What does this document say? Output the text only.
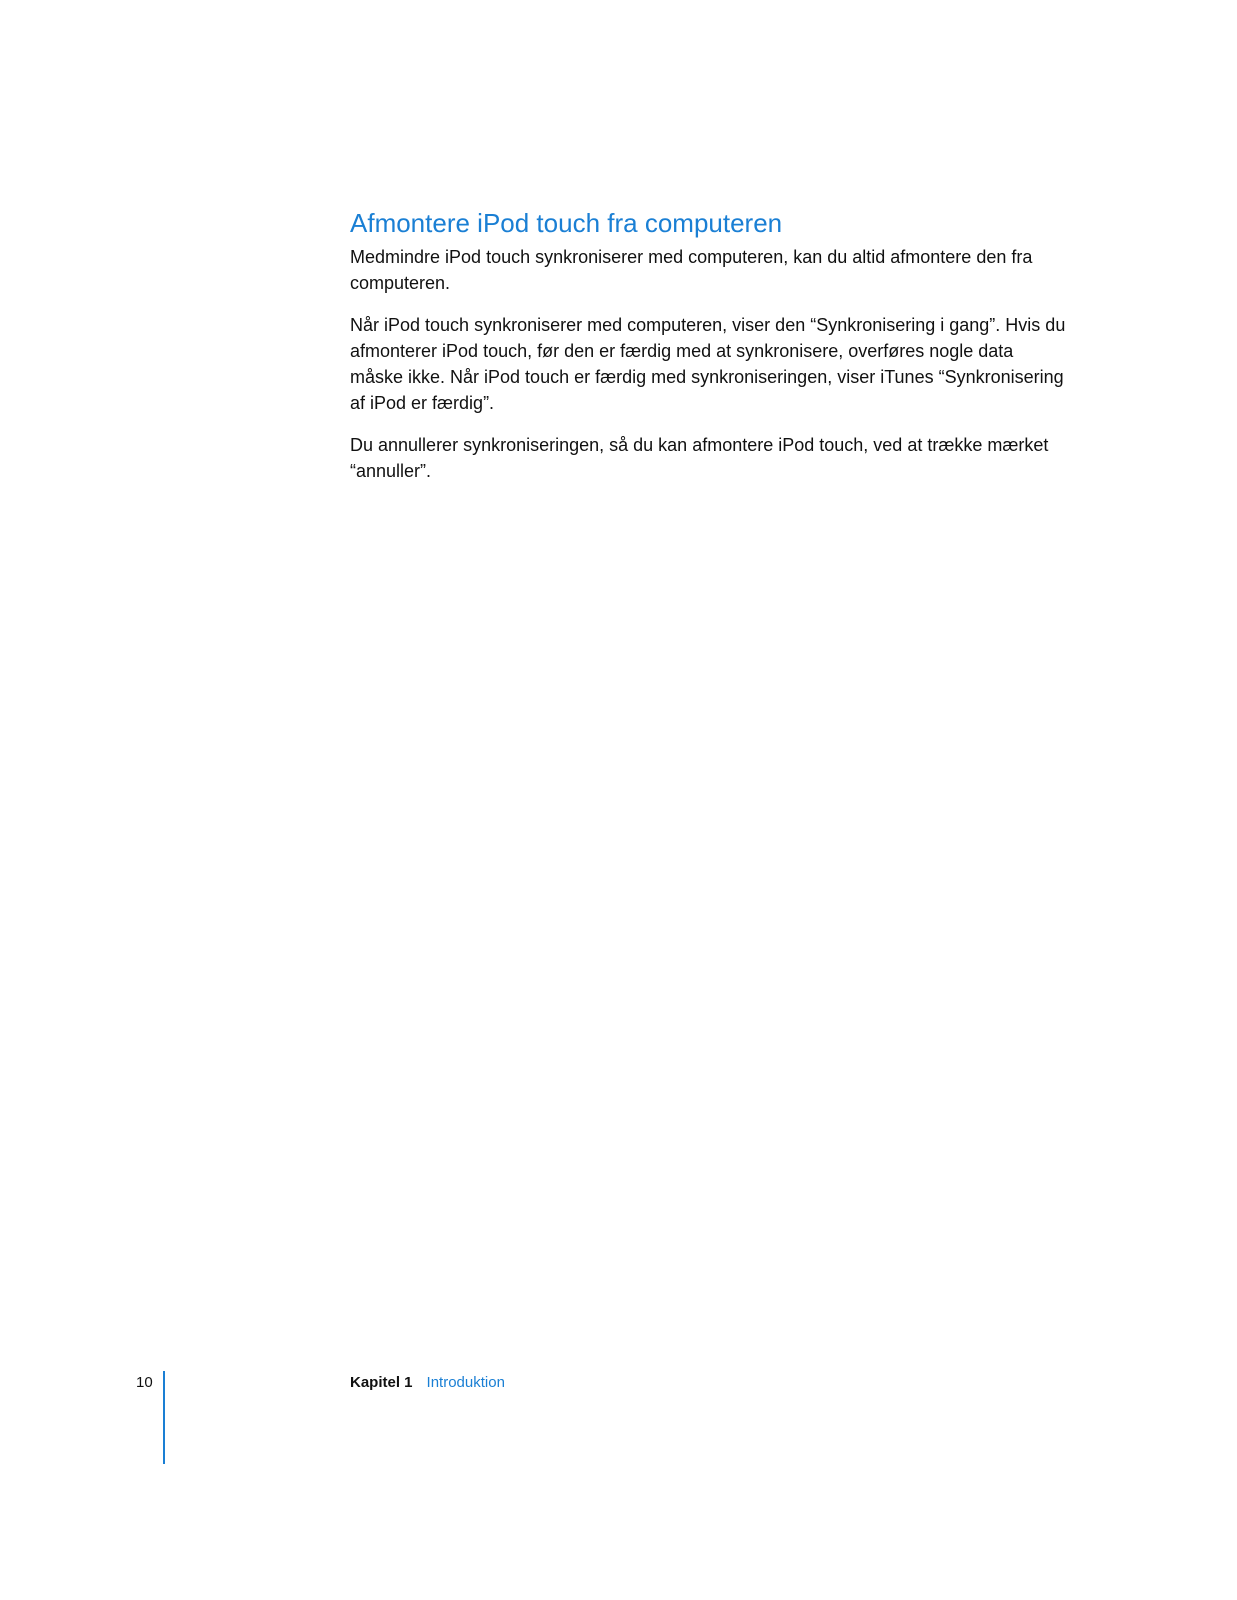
Afmontere iPod touch fra computeren

Medmindre iPod touch synkroniserer med computeren, kan du altid afmontere den fra computeren.

Når iPod touch synkroniserer med computeren, viser den “Synkronisering i gang”. Hvis du afmonterer iPod touch, før den er færdig med at synkronisere, overføres nogle data måske ikke. Når iPod touch er færdig med synkroniseringen, viser iTunes “Synkronisering af iPod er færdig”.

Du annullerer synkroniseringen, så du kan afmontere iPod touch, ved at trække mærket “annuller”.

10	Kapitel 1 Introduktion
